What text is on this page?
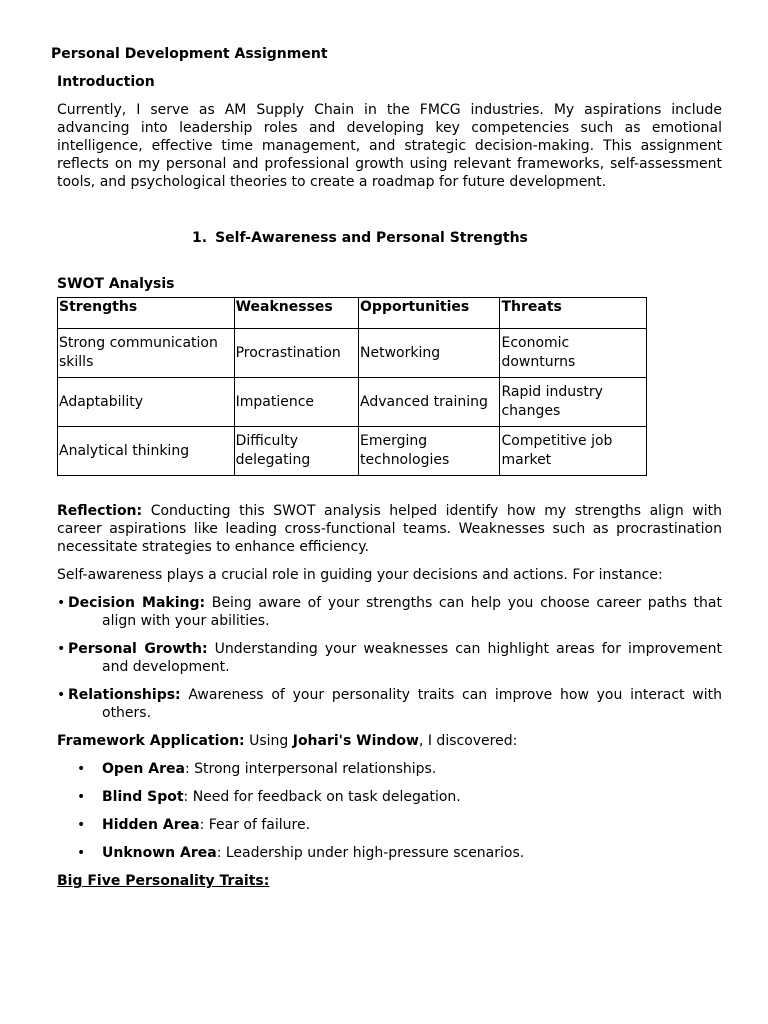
Personal Development Assignment

Introduction

Currently, I serve as AM Supply Chain in the FMCG industries. My aspirations include advancing into leadership roles and developing key competencies such as emotional intelligence, effective time management, and strategic decision-making. This assignment reflects on my personal and professional growth using relevant frameworks, self-assessment tools, and psychological theories to create a roadmap for future development.

1. Self-Awareness and Personal Strengths

SWOT Analysis

Strengths	Weaknesses	Opportunities	Threats
Strong communication skills	Procrastination	Networking	Economic downturns
Adaptability	Impatience	Advanced training	Rapid industry changes
Analytical thinking	Difficulty delegating	Emerging technologies	Competitive job market

Reflection: Conducting this SWOT analysis helped identify how my strengths align with career aspirations like leading cross-functional teams. Weaknesses such as procrastination necessitate strategies to enhance efficiency.

Self-awareness plays a crucial role in guiding your decisions and actions. For instance:

• Decision Making: Being aware of your strengths can help you choose career paths that align with your abilities.
• Personal Growth: Understanding your weaknesses can highlight areas for improvement and development.
• Relationships: Awareness of your personality traits can improve how you interact with others.

Framework Application: Using Johari's Window, I discovered:

• Open Area: Strong interpersonal relationships.
• Blind Spot: Need for feedback on task delegation.
• Hidden Area: Fear of failure.
• Unknown Area: Leadership under high-pressure scenarios.

Big Five Personality Traits:
